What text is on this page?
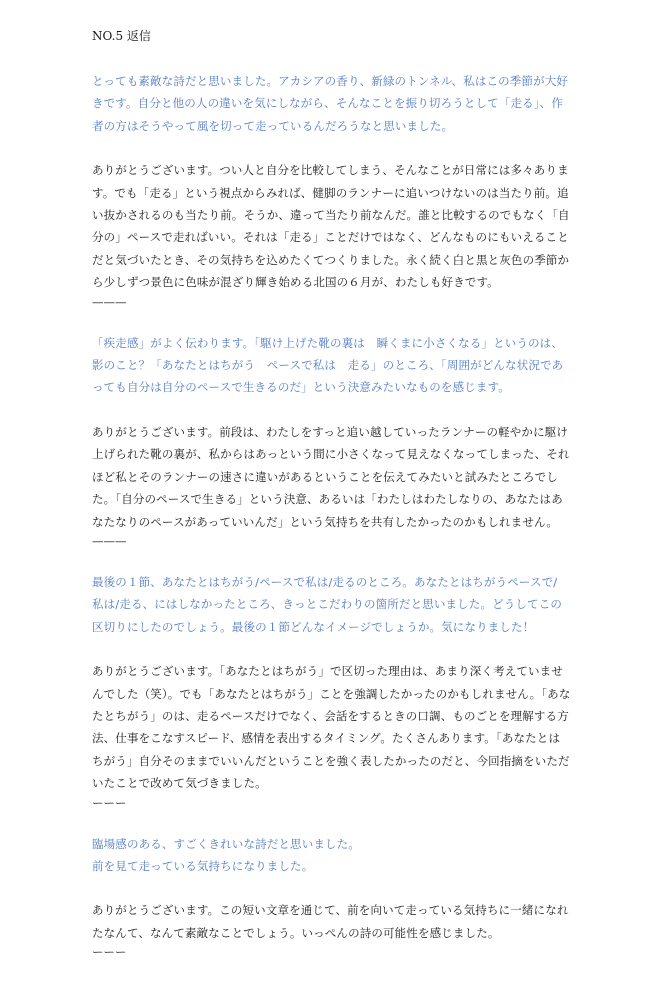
NO.5 返信

とっても素敵な詩だと思いました。アカシアの香り、新緑のトンネル、私はこの季節が大好
きです。自分と他の人の違いを気にしながら、そんなことを振り切ろうとして「走る」、作
者の方はそうやって風を切って走っているんだろうなと思いました。

ありがとうございます。つい人と自分を比較してしまう、そんなことが日常には多々ありま
す。でも「走る」という視点からみれば、健脚のランナーに追いつけないのは当たり前。追
い抜かされるのも当たり前。そうか、違って当たり前なんだ。誰と比較するのでもなく「自
分の」ペースで走ればいい。それは「走る」ことだけではなく、どんなものにもいえること
だと気づいたとき、その気持ちを込めたくてつくりました。永く続く白と黒と灰色の季節か
ら少しずつ景色に色味が混ざり輝き始める北国の６月が、わたしも好きです。

———

「疾走感」がよく伝わります。「駆け上げた靴の裏は　瞬くまに小さくなる」というのは、
影のこと？「あなたとはちがう　ペースで私は　走る」のところ、「周囲がどんな状況であ
っても自分は自分のペースで生きるのだ」という決意みたいなものを感じます。

ありがとうございます。前段は、わたしをすっと追い越していったランナーの軽やかに駆け
上げられた靴の裏が、私からはあっという間に小さくなって見えなくなってしまった、それ
ほど私とそのランナーの速さに違いがあるということを伝えてみたいと試みたところでし
た。「自分のペースで生きる」という決意、あるいは「わたしはわたしなりの、あなたはあ
なたなりのペースがあっていいんだ」という気持ちを共有したかったのかもしれません。

———

最後の１節、あなたとはちがう/ペースで私は/走るのところ。あなたとはちがうペースで/
私は/走る、にはしなかったところ、きっとこだわりの箇所だと思いました。どうしてこの
区切りにしたのでしょう。最後の１節どんなイメージでしょうか。気になりました！

ありがとうございます。「あなたとはちがう」で区切った理由は、あまり深く考えていませ
んでした（笑）。でも「あなたとはちがう」ことを強調したかったのかもしれません。「あな
たとちがう」のは、走るペースだけでなく、会話をするときの口調、ものごとを理解する方
法、仕事をこなすスピード、感情を表出するタイミング。たくさんあります。「あなたとは
ちがう」自分そのままでいいんだということを強く表したかったのだと、今回指摘をいただ
いたことで改めて気づきました。

ーーー

臨場感のある、すごくきれいな詩だと思いました。
前を見て走っている気持ちになりました。

ありがとうございます。この短い文章を通じて、前を向いて走っている気持ちに一緒になれ
たなんて、なんて素敵なことでしょう。いっぺんの詩の可能性を感じました。

ーーー
